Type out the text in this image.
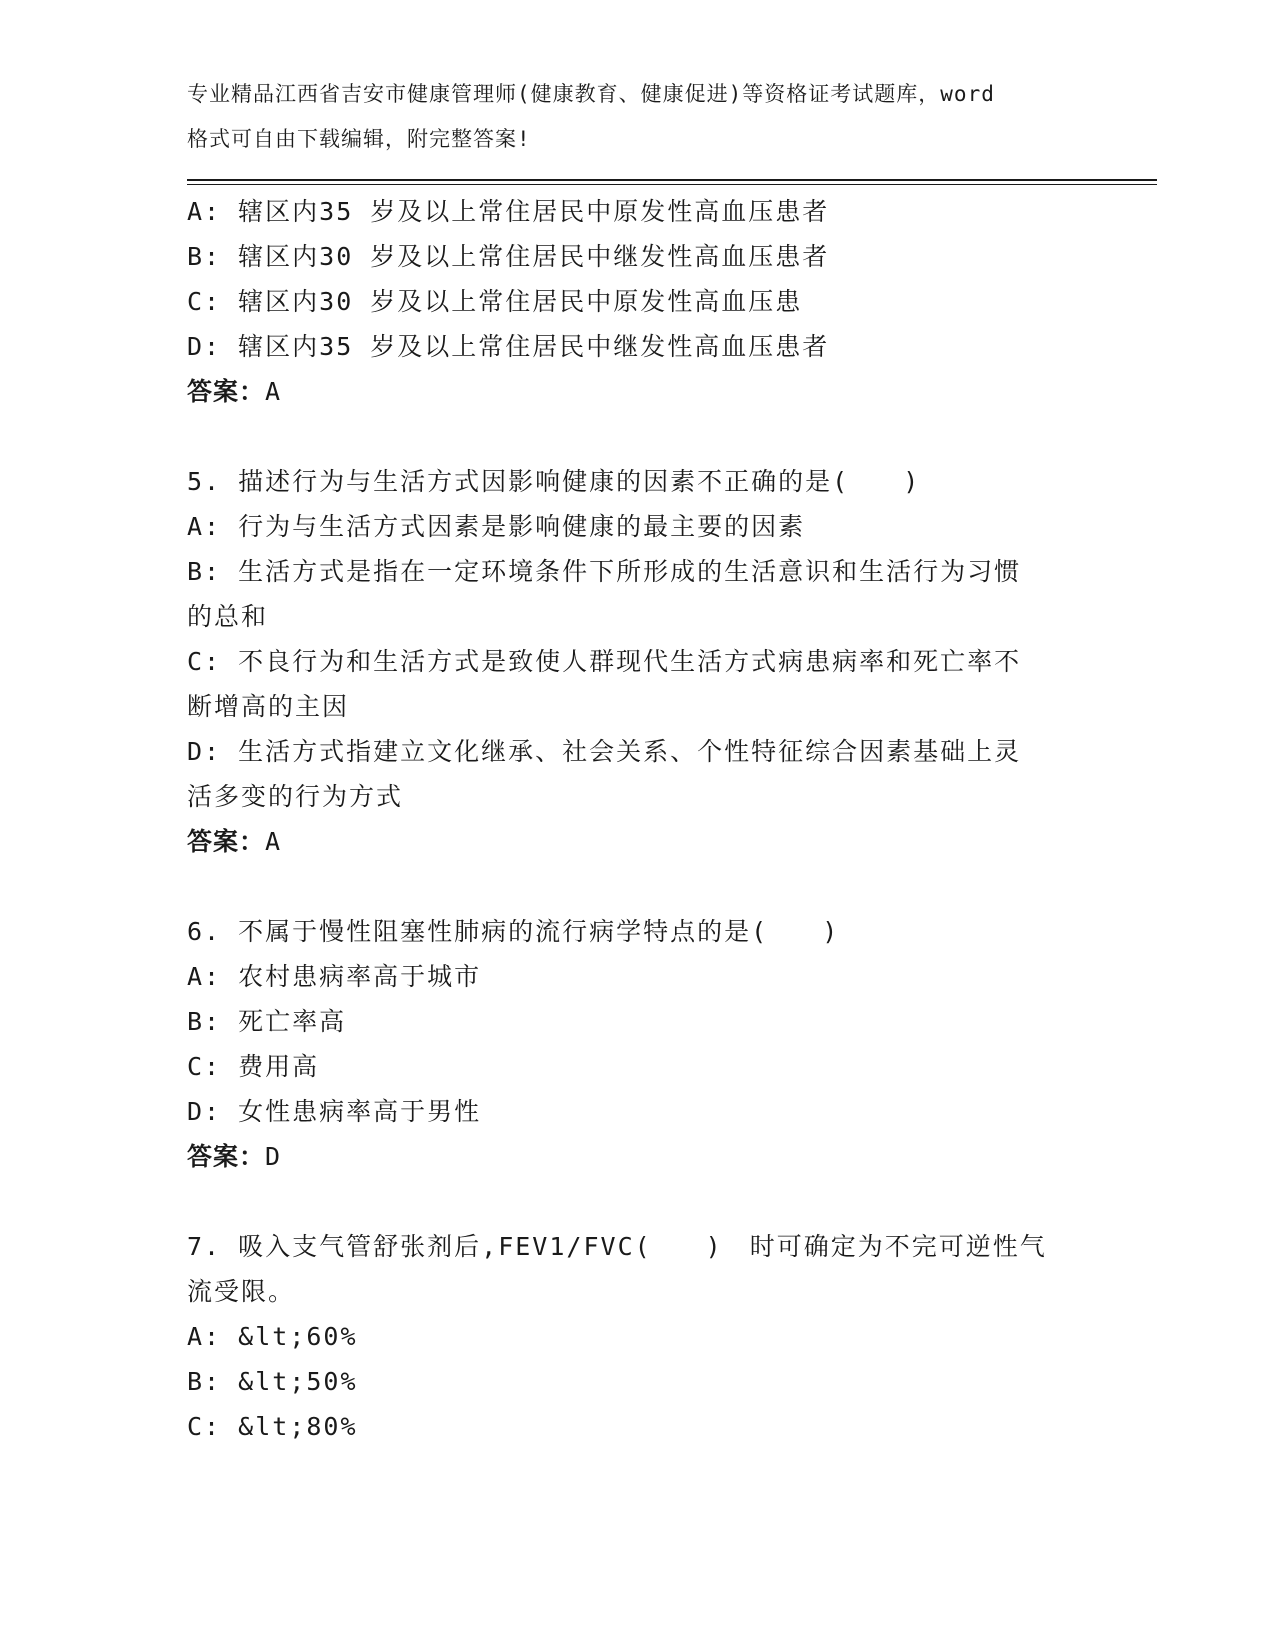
专业精品江西省吉安市健康管理师(健康教育、健康促进)等资格证考试题库，word
格式可自由下载编辑，附完整答案!
A: 辖区内35 岁及以上常住居民中原发性高血压患者
B: 辖区内30 岁及以上常住居民中继发性高血压患者
C: 辖区内30 岁及以上常住居民中原发性高血压患
D: 辖区内35 岁及以上常住居民中继发性高血压患者
答案：A
5. 描述行为与生活方式因影响健康的因素不正确的是(　　)
A: 行为与生活方式因素是影响健康的最主要的因素
B: 生活方式是指在一定环境条件下所形成的生活意识和生活行为习惯
的总和
C: 不良行为和生活方式是致使人群现代生活方式病患病率和死亡率不
断增高的主因
D: 生活方式指建立文化继承、社会关系、个性特征综合因素基础上灵
活多变的行为方式
答案：A
6. 不属于慢性阻塞性肺病的流行病学特点的是(　　)
A: 农村患病率高于城市
B: 死亡率高
C: 费用高
D: 女性患病率高于男性
答案：D
7. 吸入支气管舒张剂后,FEV1/FVC(　　)　时可确定为不完可逆性气
流受限。
A: &lt;60%
B: &lt;50%
C: &lt;80%
